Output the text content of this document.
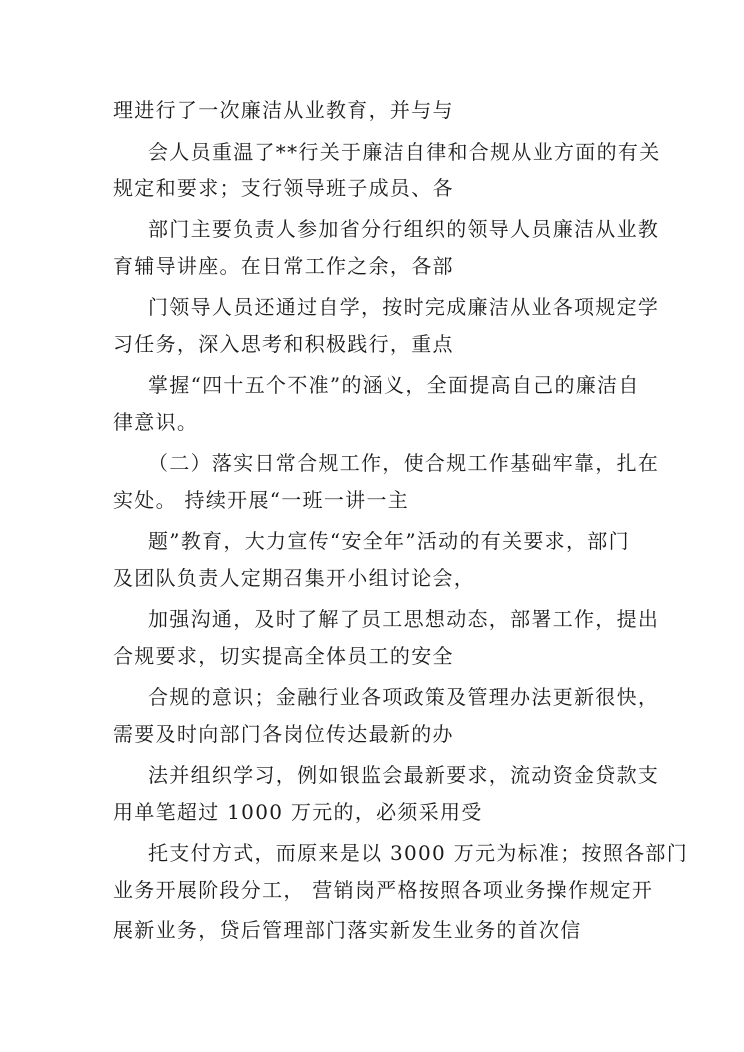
理进行了一次廉洁从业教育，并与与
会人员重温了**行关于廉洁自律和合规从业方面的有关
规定和要求；支行领导班子成员、各
部门主要负责人参加省分行组织的领导人员廉洁从业教
育辅导讲座。在日常工作之余，各部
门领导人员还通过自学，按时完成廉洁从业各项规定学
习任务，深入思考和积极践行，重点
掌握“四十五个不准”的涵义，全面提高自己的廉洁自
律意识。
（二）落实日常合规工作，使合规工作基础牢靠，扎在
实处。 持续开展“一班一讲一主
题”教育，大力宣传“安全年”活动的有关要求，部门
及团队负责人定期召集开小组讨论会，
加强沟通，及时了解了员工思想动态，部署工作，提出
合规要求，切实提高全体员工的安全
合规的意识；金融行业各项政策及管理办法更新很快，
需要及时向部门各岗位传达最新的办
法并组织学习，例如银监会最新要求，流动资金贷款支
用单笔超过 1000 万元的，必须采用受
托支付方式，而原来是以 3000 万元为标准；按照各部门
业务开展阶段分工， 营销岗严格按照各项业务操作规定开
展新业务，贷后管理部门落实新发生业务的首次信
